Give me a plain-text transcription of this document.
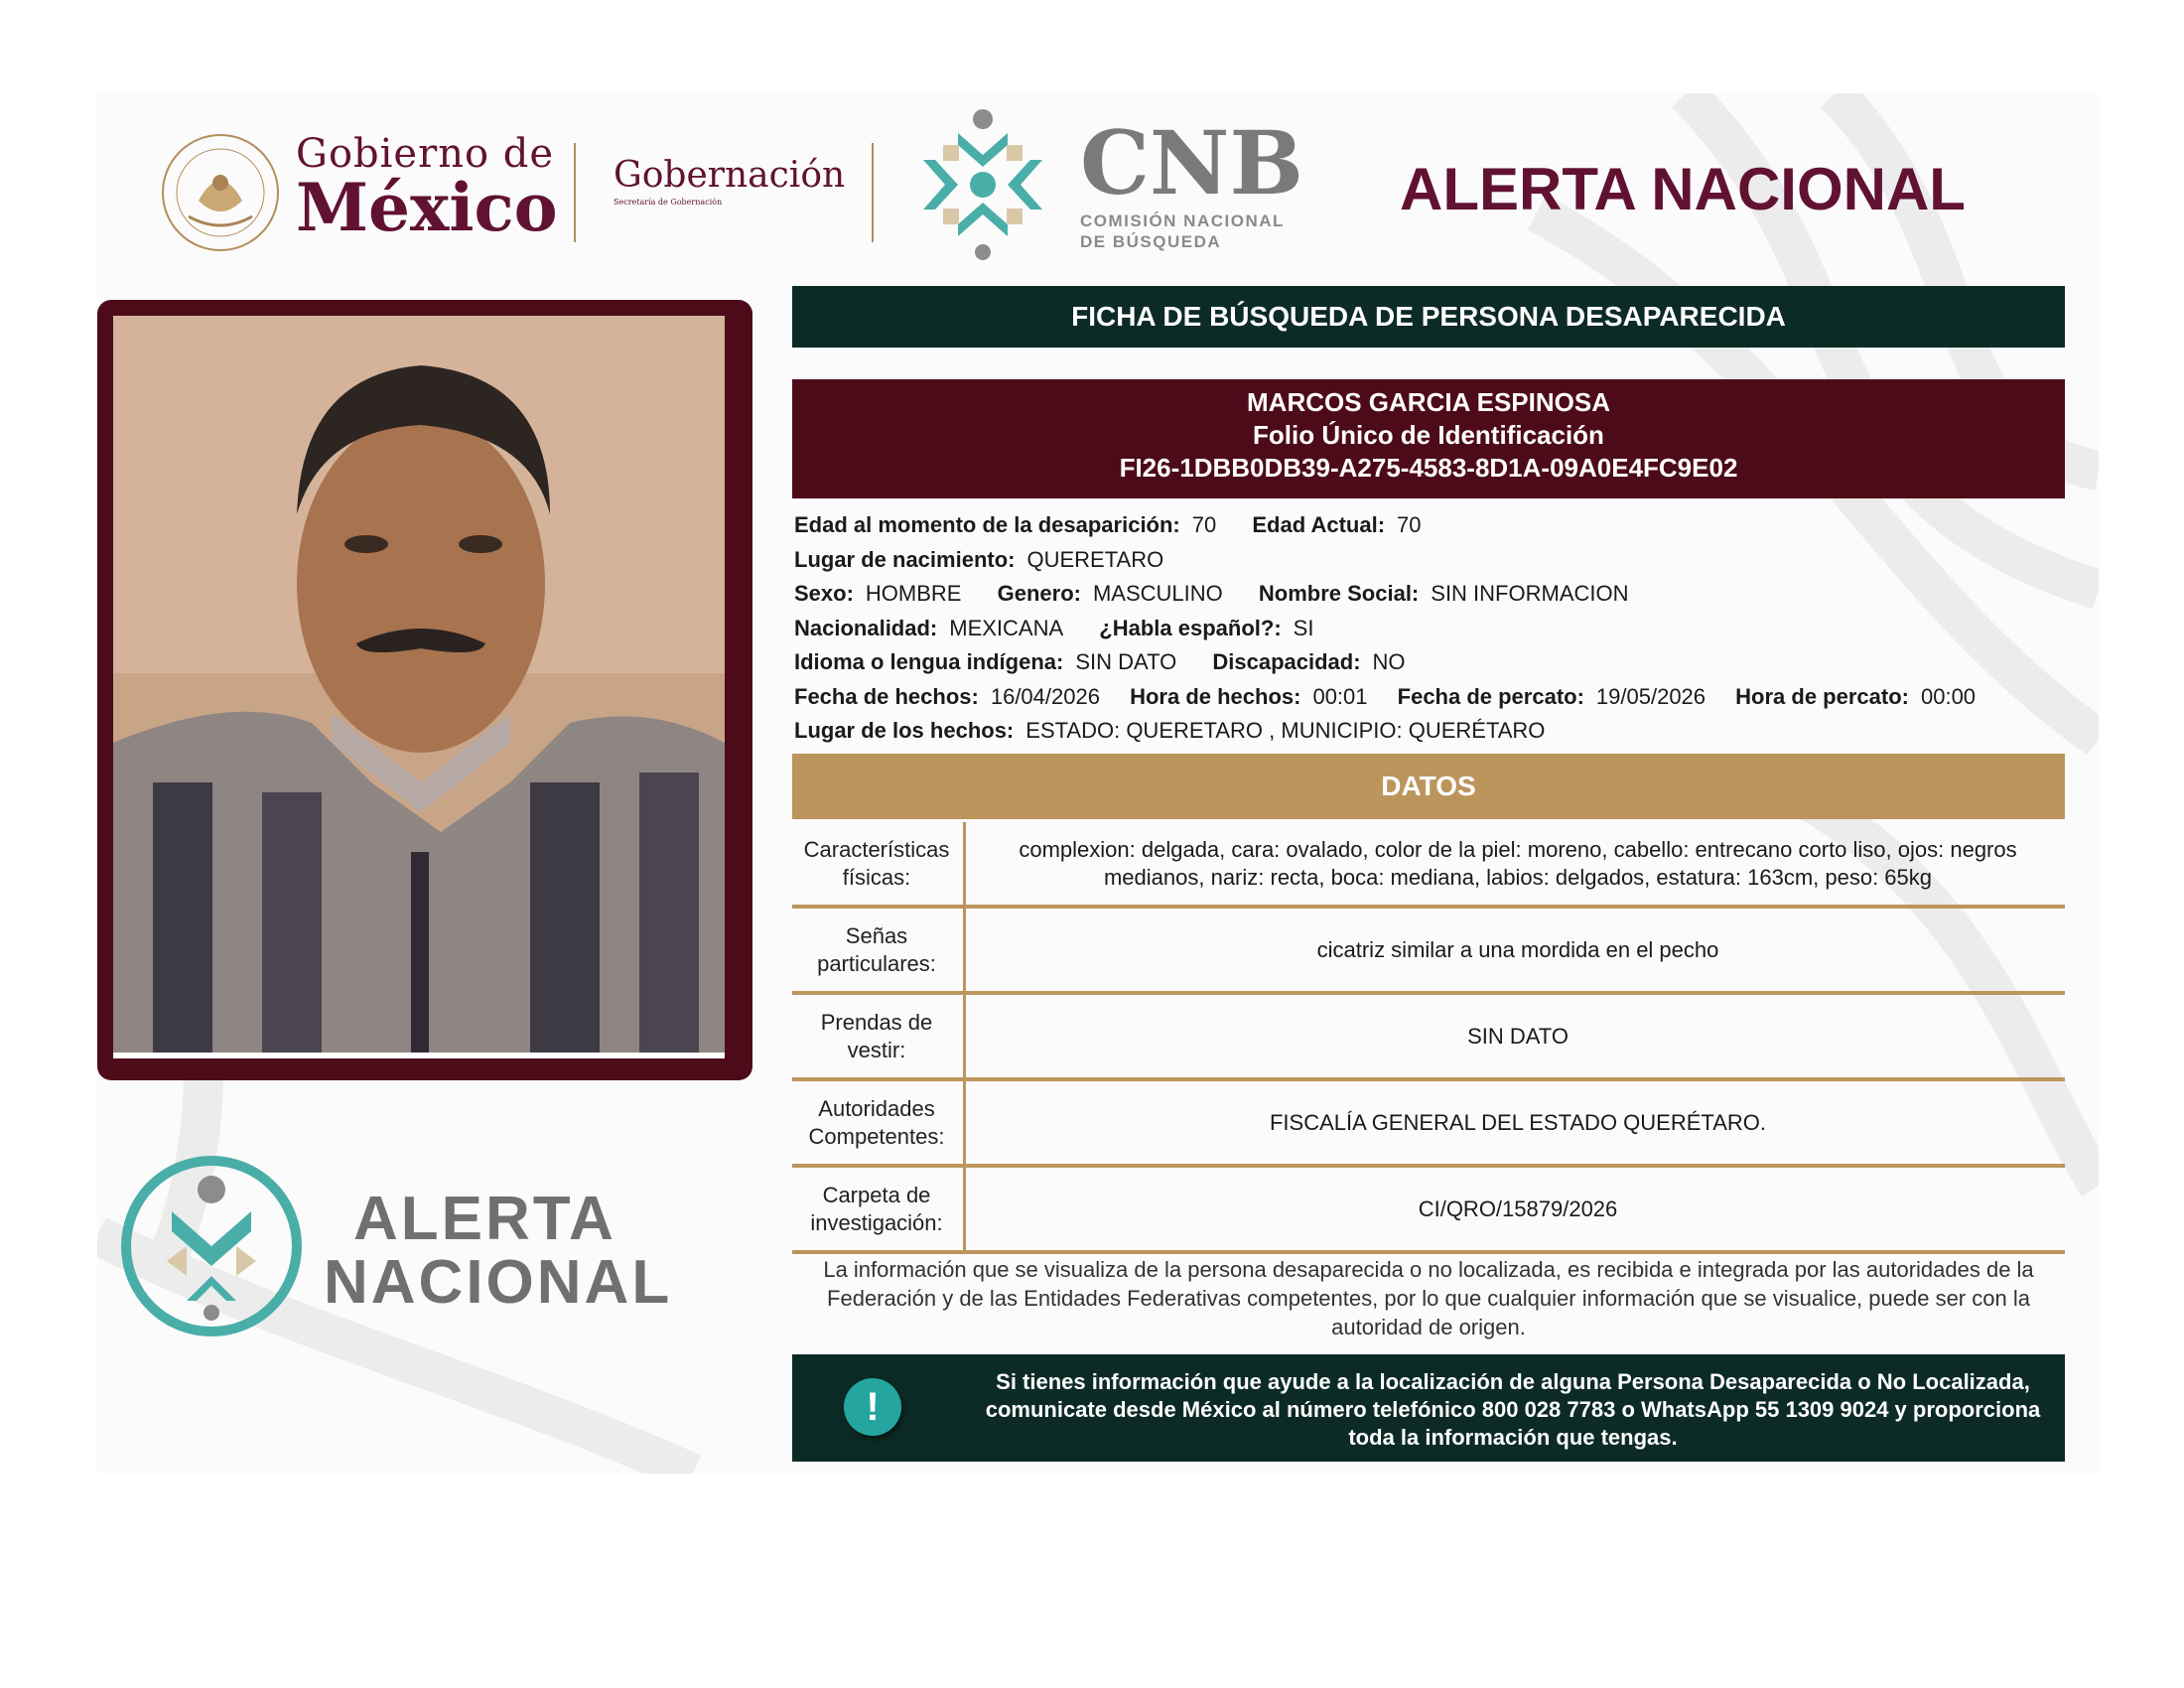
Gobierno de
México Gobernación
Secretaría de Gobernación	CNB
COMISIÓN NACIONAL
DE BÚSQUEDA
ALERTA NACIONAL
ALERTA
NACIONAL
FICHA DE BÚSQUEDA DE PERSONA DESAPARECIDA
MARCOS GARCIA ESPINOSA
Folio Único de Identificación
FI26-1DBB0DB39-A275-4583-8D1A-09A0E4FC9E02
Edad al momento de la desaparición: 70 Edad Actual: 70
Lugar de nacimiento: QUERETARO
Sexo: HOMBRE Genero: MASCULINO Nombre Social: SIN INFORMACION
Nacionalidad: MEXICANA ¿Habla español?: SI
Idioma o lengua indígena: SIN DATO Discapacidad: NO
Fecha de hechos: 16/04/2026 Hora de hechos: 00:01 Fecha de percato: 19/05/2026 Hora de percato: 00:00
Lugar de los hechos: ESTADO: QUERETARO , MUNICIPIO: QUERÉTARO
DATOS
Características físicas:
complexion: delgada, cara: ovalado, color de la piel: moreno, cabello: entrecano corto liso, ojos: negros medianos, nariz: recta, boca: mediana, labios: delgados, estatura: 163cm, peso: 65kg
Señas particulares:
cicatriz similar a una mordida en el pecho
Prendas de vestir:
SIN DATO
Autoridades Competentes:
FISCALÍA GENERAL DEL ESTADO QUERÉTARO.
Carpeta de investigación:
CI/QRO/15879/2026
La información que se visualiza de la persona desaparecida o no localizada, es recibida e integrada por las autoridades de la Federación y de las Entidades Federativas competentes, por lo que cualquier información que se visualice, puede ser con la autoridad de origen.
!
Si tienes información que ayude a la localización de alguna Persona Desaparecida o No Localizada, comunicate desde México al número telefónico 800 028 7783 o WhatsApp 55 1309 9024 y proporciona toda la información que tengas.
